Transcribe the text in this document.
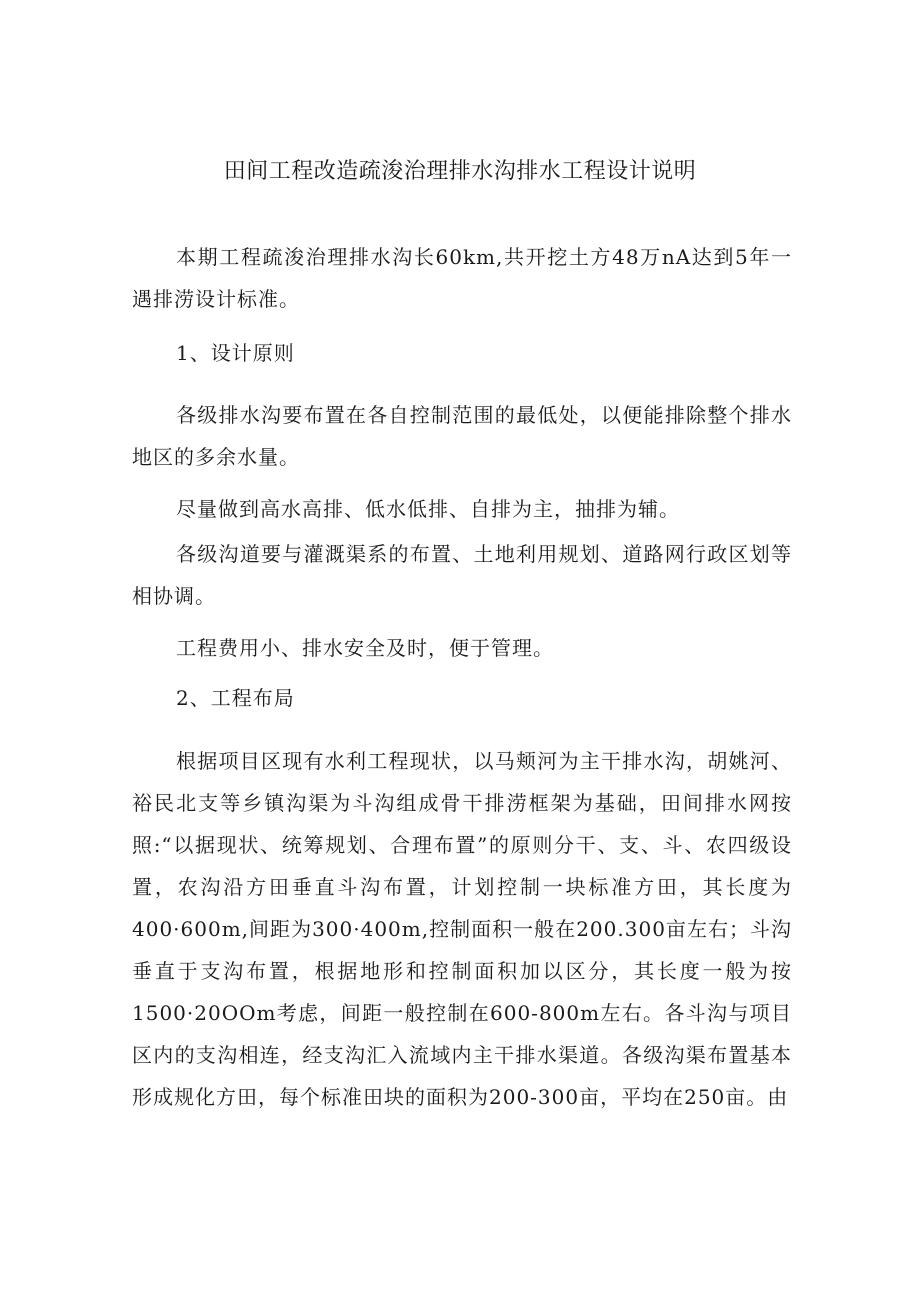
田间工程改造疏浚治理排水沟排水工程设计说明

本期工程疏浚治理排水沟长60km,共开挖土方48万nA达到5年一遇排涝设计标准。

1、设计原则

各级排水沟要布置在各自控制范围的最低处，以便能排除整个排水地区的多余水量。

尽量做到高水高排、低水低排、自排为主，抽排为辅。

各级沟道要与灌溉渠系的布置、土地利用规划、道路网行政区划等相协调。

工程费用小、排水安全及时，便于管理。

2、工程布局

根据项目区现有水利工程现状，以马颊河为主干排水沟，胡姚河、裕民北支等乡镇沟渠为斗沟组成骨干排涝框架为基础，田间排水网按照:“以据现状、统筹规划、合理布置”的原则分干、支、斗、农四级设置，农沟沿方田垂直斗沟布置，计划控制一块标准方田，其长度为400·600m,间距为300·400m,控制面积一般在200.300亩左右；斗沟垂直于支沟布置，根据地形和控制面积加以区分，其长度一般为按1500·20OOm考虑，间距一般控制在600-800m左右。各斗沟与项目区内的支沟相连，经支沟汇入流域内主干排水渠道。各级沟渠布置基本形成规化方田，每个标准田块的面积为200-300亩，平均在250亩。由
